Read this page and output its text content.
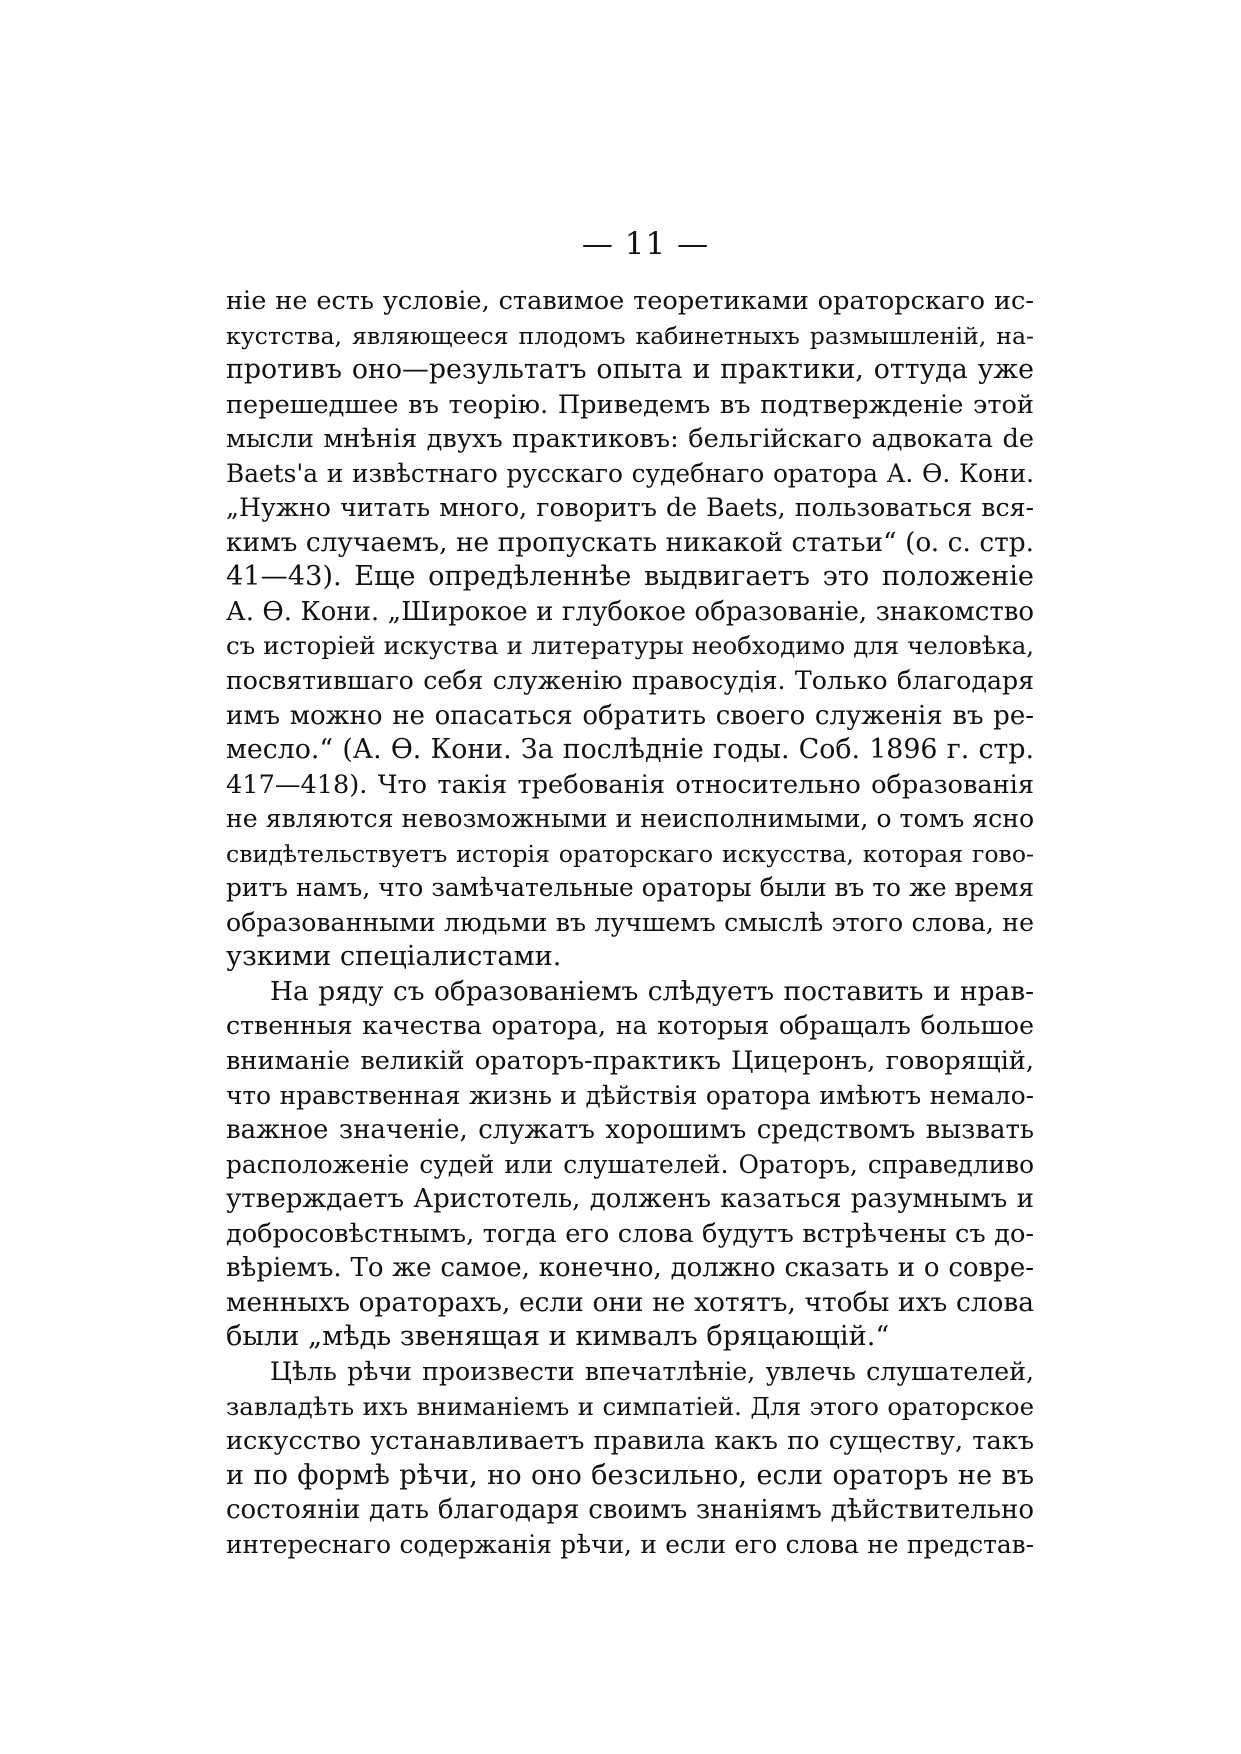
— 11 —
ніе не есть условіе, ставимое теоретиками ораторскаго ис-
кустства, являющееся плодомъ кабинетныхъ размышленій, на-
противъ оно—результатъ опыта и практики, оттуда уже
перешедшее въ теорію. Приведемъ въ подтвержденіе этой
мысли мнѣнія двухъ практиковъ: бельгійскаго адвоката de
Baets'а и извѣстнаго русскаго судебнаго оратора А. Ѳ. Кони.
„Нужно читать много, говоритъ de Baets, пользоваться вся-
кимъ случаемъ, не пропускать никакой статьи“ (o. c. стр.
41—43). Еще опредѣленнѣе выдвигаетъ это положеніе
А. Ѳ. Кони. „Широкое и глубокое образованіе, знакомство
съ исторіей искуства и литературы необходимо для человѣка,
посвятившаго себя служенію правосудія. Только благодаря
имъ можно не опасаться обратить своего служенія въ ре-
месло.“ (А. Ѳ. Кони. За послѣдніе годы. Соб. 1896 г. стр.
417—418). Что такія требованія относительно образованія
не являются невозможными и неисполнимыми, о томъ ясно
свидѣтельствуетъ исторія ораторскаго искусства, которая гово-
ритъ намъ, что замѣчательные ораторы были въ то же время
образованными людьми въ лучшемъ смыслѣ этого слова, не
узкими спеціалистами.
На ряду съ образованіемъ слѣдуетъ поставить и нрав-
ственныя качества оратора, на которыя обращалъ большое
вниманіе великій ораторъ-практикъ Цицеронъ, говорящій,
что нравственная жизнь и дѣйствія оратора имѣютъ немало-
важное значеніе, служатъ хорошимъ средствомъ вызвать
расположеніе судей или слушателей. Ораторъ, справедливо
утверждаетъ Аристотель, долженъ казаться разумнымъ и
добросовѣстнымъ, тогда его слова будутъ встрѣчены съ до-
вѣріемъ. То же самое, конечно, должно сказать и о совре-
менныхъ ораторахъ, если они не хотятъ, чтобы ихъ слова
были „мѣдь звенящая и кимвалъ бряцающій.“
Цѣль рѣчи произвести впечатлѣніе, увлечь слушателей,
завладѣть ихъ вниманіемъ и симпатіей. Для этого ораторское
искусство устанавливаетъ правила какъ по существу, такъ
и по формѣ рѣчи, но оно безсильно, если ораторъ не въ
состояніи дать благодаря своимъ знаніямъ дѣйствительно
интереснаго содержанія рѣчи, и если его слова не представ-
